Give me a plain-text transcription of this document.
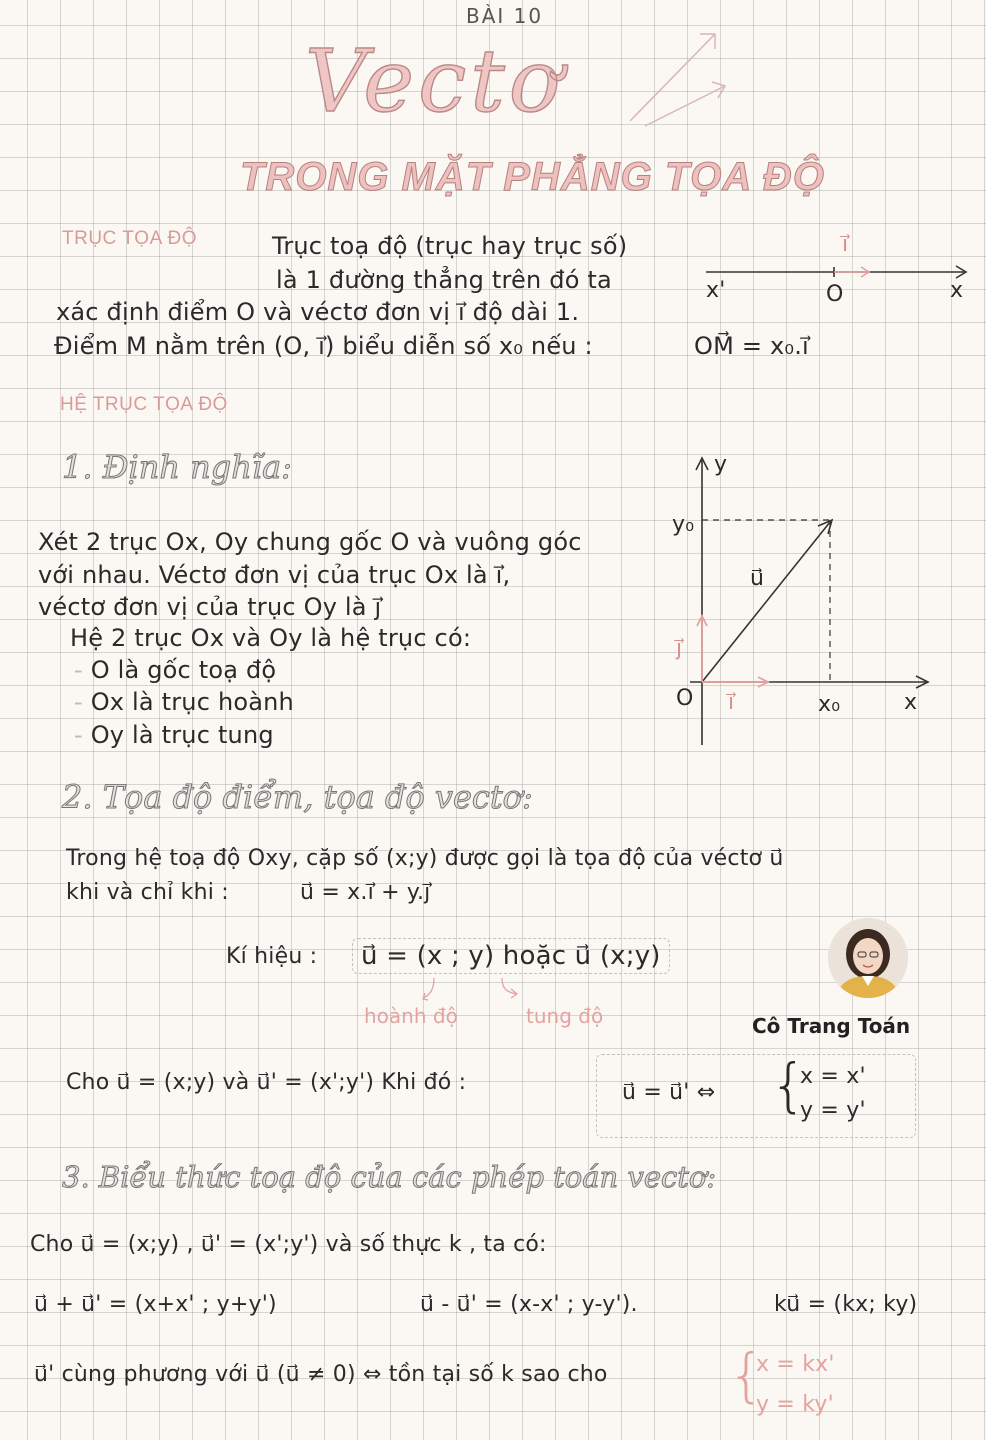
BÀI 10
Vectơ
TRONG MẶT PHẲNG TỌA ĐỘ
TRỤC TỌA ĐỘ	Trục toạ độ (trục hay trục số)
là 1 đường thẳng trên đó ta
xác định điểm O và véctơ đơn vị i⃗ độ dài 1.
Điểm M nằm trên (O, i⃗) biểu diễn số x₀ nếu :	OM⃗ = x₀.i⃗
x'	O	x
i⃗
HỆ TRỤC TỌA ĐỘ
1. Định nghĩa:
Xét 2 trục Ox, Oy chung gốc O và vuông góc
với nhau. Véctơ đơn vị của trục Ox là i⃗,
véctơ đơn vị của trục Oy là j⃗
Hệ 2 trục Ox và Oy là hệ trục có:
- O là gốc toạ độ
- Ox là trục hoành
- Oy là trục tung
y
y₀
u⃗
j⃗
O i⃗	x₀	x
2. Tọa độ điểm, tọa độ vectơ:
Trong hệ toạ độ Oxy, cặp số (x;y) được gọi là tọa độ của véctơ u⃗
khi và chỉ khi :	u⃗ = x.i⃗ + y.j⃗
Kí hiệu :	u⃗ = (x ; y) hoặc u⃗ (x;y)
hoành độ	tung độ	Cô Trang Toán
Cho u⃗ = (x;y) và u⃗' = (x';y') Khi đó :	u⃗ = u⃗' ⇔ {
x = x'
y = y'
3. Biểu thức toạ độ của các phép toán vectơ:
Cho u⃗ = (x;y) , u⃗' = (x';y') và số thực k , ta có:
u⃗ + u⃗' = (x+x' ; y+y')	u⃗ - u⃗' = (x-x' ; y-y').	ku⃗ = (kx; ky)
u⃗' cùng phương với u⃗ (u⃗ ≠ 0) ⇔ tồn tại số k sao cho {
x = kx'
y = ky'
